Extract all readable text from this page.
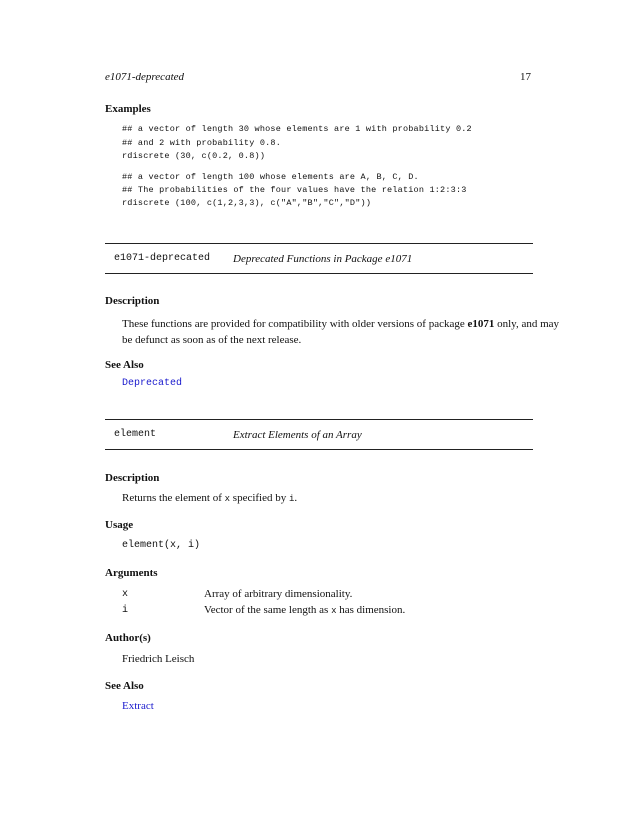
e1071-deprecated	17
Examples
## a vector of length 30 whose elements are 1 with probability 0.2
## and 2 with probability 0.8.
rdiscrete (30, c(0.2, 0.8))
## a vector of length 100 whose elements are A, B, C, D.
## The probabilities of the four values have the relation 1:2:3:3
rdiscrete (100, c(1,2,3,3), c("A","B","C","D"))
e1071-deprecated Deprecated Functions in Package e1071
Description
These functions are provided for compatibility with older versions of package e1071 only, and may
be defunct as soon as of the next release.
See Also
Deprecated
element	Extract Elements of an Array
Description
Returns the element of x specified by i.
Usage
element(x, i)
Arguments
x	Array of arbitrary dimensionality.
i	Vector of the same length as x has dimension.
Author(s)
Friedrich Leisch
See Also
Extract
